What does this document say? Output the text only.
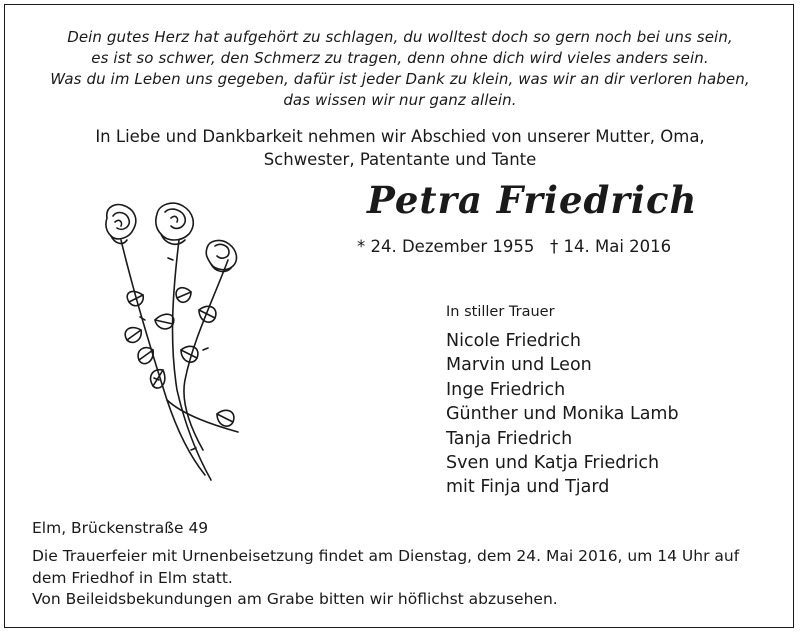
Dein gutes Herz hat aufgehört zu schlagen, du wolltest doch so gern noch bei uns sein,
es ist so schwer, den Schmerz zu tragen, denn ohne dich wird vieles anders sein.
Was du im Leben uns gegeben, dafür ist jeder Dank zu klein, was wir an dir verloren haben,
das wissen wir nur ganz allein.
In Liebe und Dankbarkeit nehmen wir Abschied von unserer Mutter, Oma,
Schwester, Patentante und Tante
Petra Friedrich
* 24. Dezember 1955 † 14. Mai 2016
In stiller Trauer
Nicole Friedrich
Marvin und Leon
Inge Friedrich
Günther und Monika Lamb
Tanja Friedrich
Sven und Katja Friedrich
mit Finja und Tjard
Elm, Brückenstraße 49
Die Trauerfeier mit Urnenbeisetzung findet am Dienstag, dem 24. Mai 2016, um 14 Uhr auf
dem Friedhof in Elm statt.
Von Beileidsbekundungen am Grabe bitten wir höflichst abzusehen.
